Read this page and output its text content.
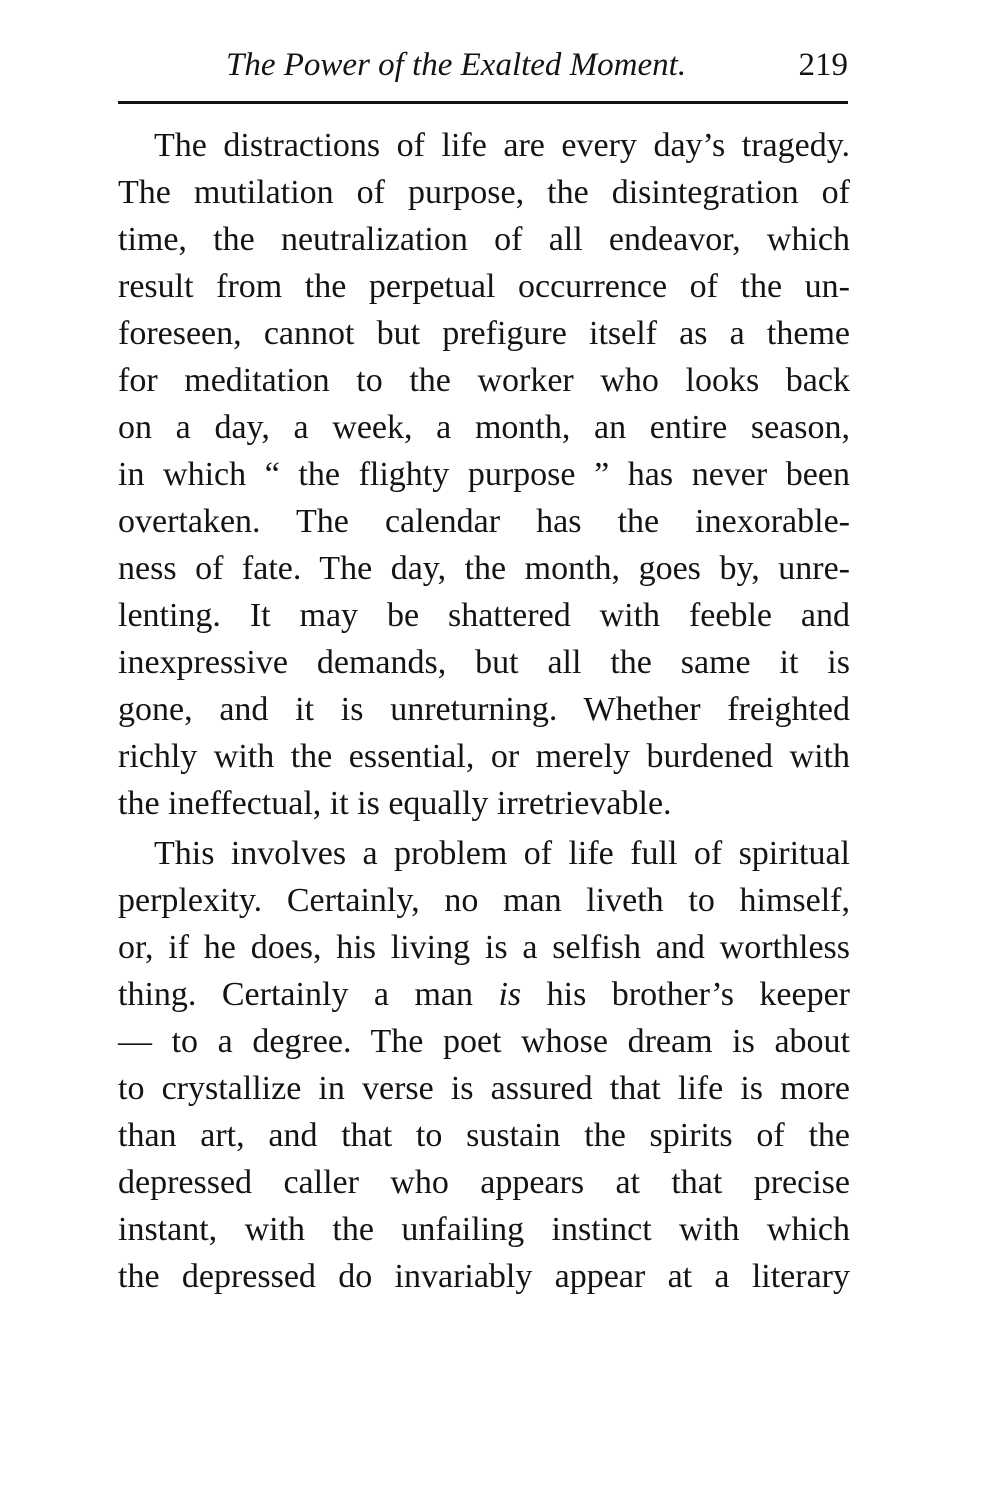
The Power of the Exalted Moment.	219
The distractions of life are every day’s tragedy.
The mutilation of purpose, the disintegration of
time, the neutralization of all endeavor, which
result from the perpetual occurrence of the un-
foreseen, cannot but prefigure itself as a theme
for meditation to the worker who looks back
on a day, a week, a month, an entire season,
in which “ the flighty purpose ” has never been
overtaken. The calendar has the inexorable-
ness of fate. The day, the month, goes by, unre-
lenting. It may be shattered with feeble and
inexpressive demands, but all the same it is
gone, and it is unreturning. Whether freighted
richly with the essential, or merely burdened with
the ineffectual, it is equally irretrievable.
This involves a problem of life full of spiritual
perplexity. Certainly, no man liveth to himself,
or, if he does, his living is a selfish and worthless
thing. Certainly a man is his brother’s keeper
— to a degree. The poet whose dream is about
to crystallize in verse is assured that life is more
than art, and that to sustain the spirits of the
depressed caller who appears at that precise
instant, with the unfailing instinct with which
the depressed do invariably appear at a literary
